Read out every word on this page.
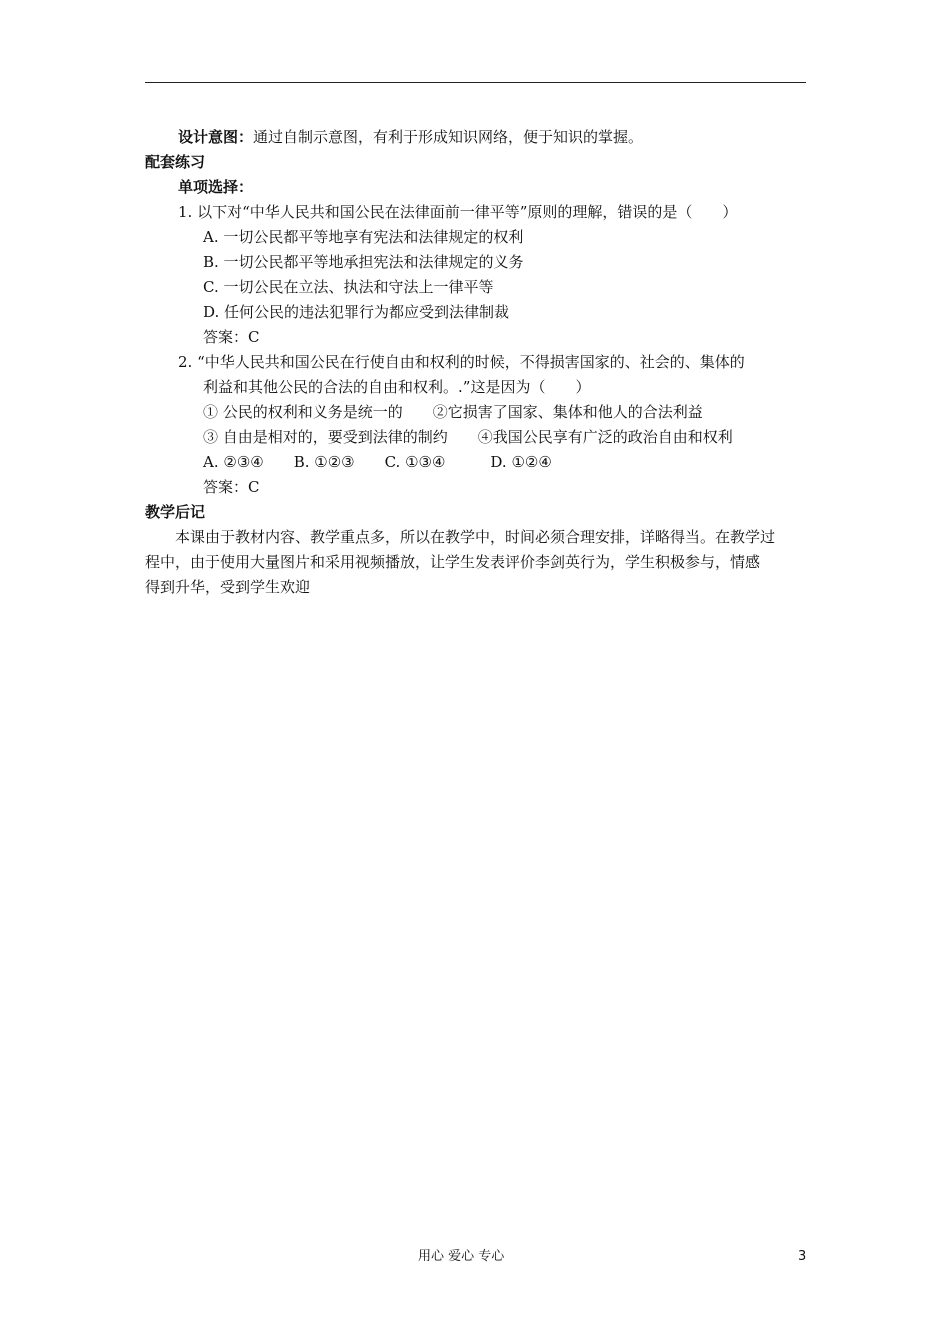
设计意图：通过自制示意图，有利于形成知识网络，便于知识的掌握。
配套练习
单项选择：
1. 以下对“中华人民共和国公民在法律面前一律平等”原则的理解，错误的是（　　）
A. 一切公民都平等地享有宪法和法律规定的权利
B. 一切公民都平等地承担宪法和法律规定的义务
C. 一切公民在立法、执法和守法上一律平等
D. 任何公民的违法犯罪行为都应受到法律制裁
答案：C
2. “中华人民共和国公民在行使自由和权利的时候，不得损害国家的、社会的、集体的
利益和其他公民的合法的自由和权利。.”这是因为（　　）
① 公民的权利和义务是统一的　　②它损害了国家、集体和他人的合法利益
③ 自由是相对的，要受到法律的制约　　④我国公民享有广泛的政治自由和权利
A. ②③④　　B. ①②③　　C. ①③④　　　D. ①②④
答案：C
教学后记
本课由于教材内容、教学重点多，所以在教学中，时间必须合理安排，详略得当。在教学过
程中，由于使用大量图片和采用视频播放，让学生发表评价李剑英行为，学生积极参与，情感
得到升华，受到学生欢迎
用心 爱心 专心	3
